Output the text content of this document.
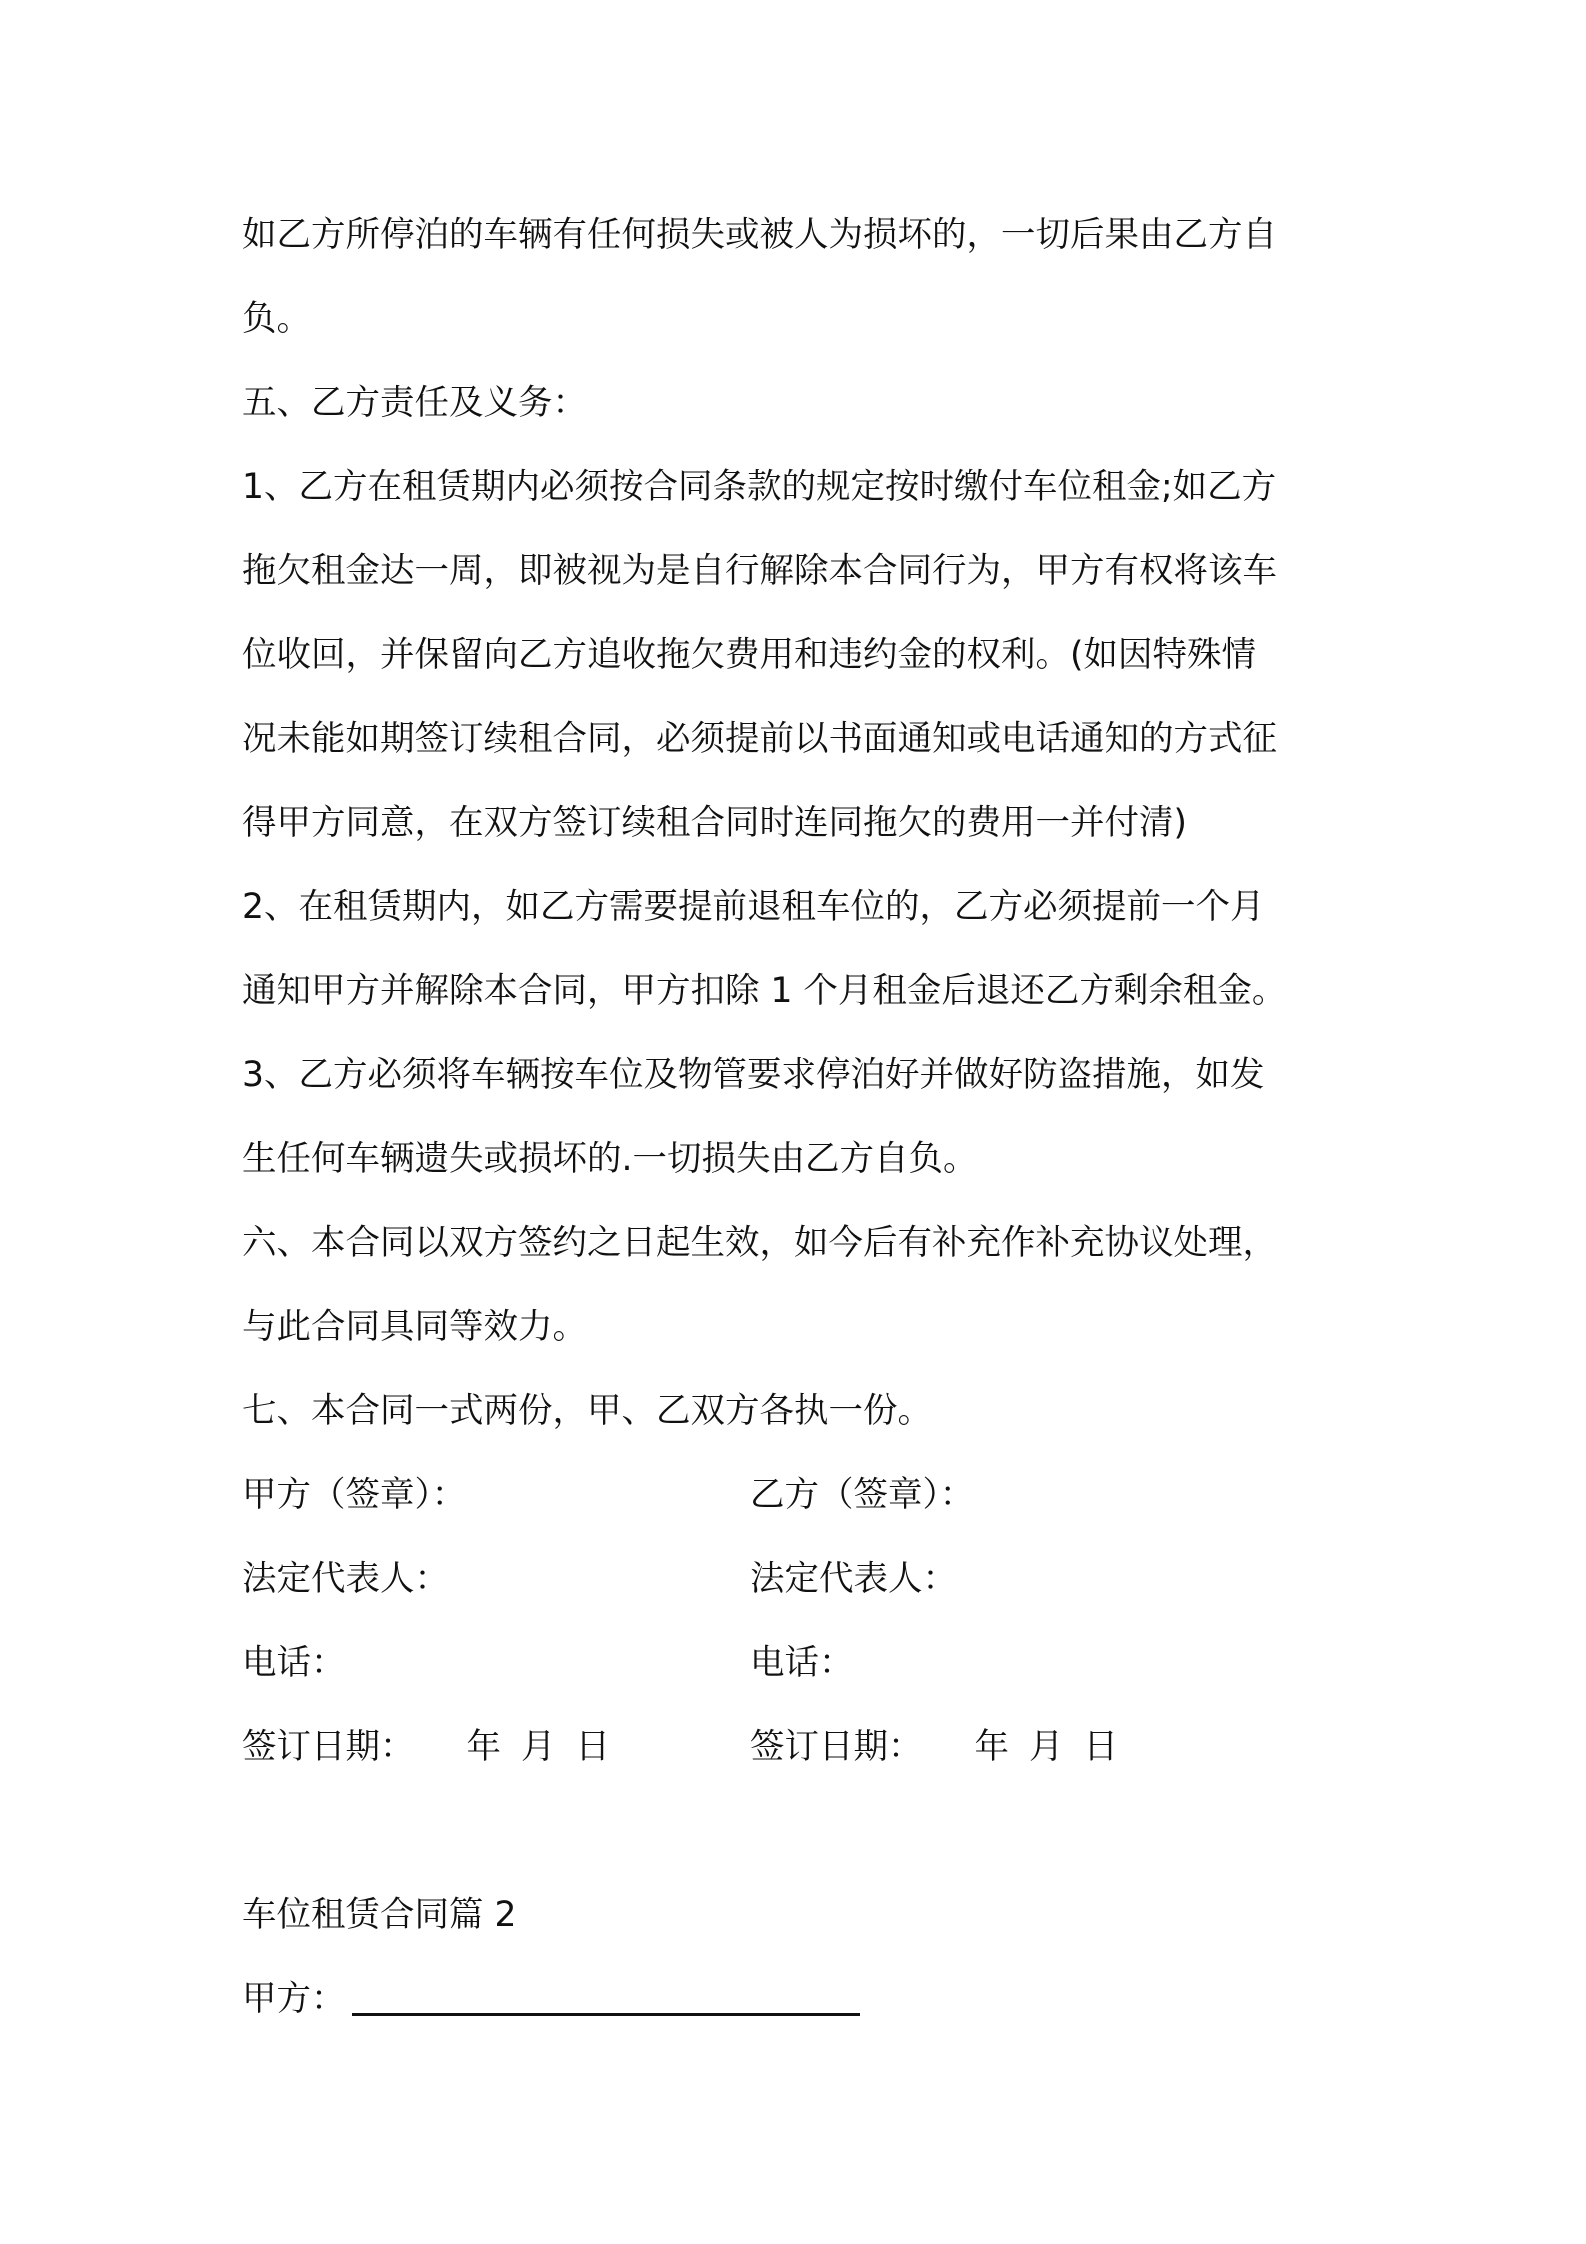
如乙方所停泊的车辆有任何损失或被人为损坏的，一切后果由乙方自
负。
五、乙方责任及义务：
1、乙方在租赁期内必须按合同条款的规定按时缴付车位租金;如乙方
拖欠租金达一周，即被视为是自行解除本合同行为，甲方有权将该车
位收回，并保留向乙方追收拖欠费用和违约金的权利。(如因特殊情
况未能如期签订续租合同，必须提前以书面通知或电话通知的方式征
得甲方同意，在双方签订续租合同时连同拖欠的费用一并付清)
2、在租赁期内，如乙方需要提前退租车位的，乙方必须提前一个月
通知甲方并解除本合同，甲方扣除 1 个月租金后退还乙方剩余租金。
3、乙方必须将车辆按车位及物管要求停泊好并做好防盗措施，如发
生任何车辆遗失或损坏的.一切损失由乙方自负。
六、本合同以双方签约之日起生效，如今后有补充作补充协议处理，
与此合同具同等效力。
七、本合同一式两份，甲、乙双方各执一份。
甲方（签章）：	乙方（签章）：
法定代表人：	法定代表人：
电话：	电话：
签订日期： 年 月 日	签订日期： 年 月 日
车位租赁合同篇 2
甲方：
